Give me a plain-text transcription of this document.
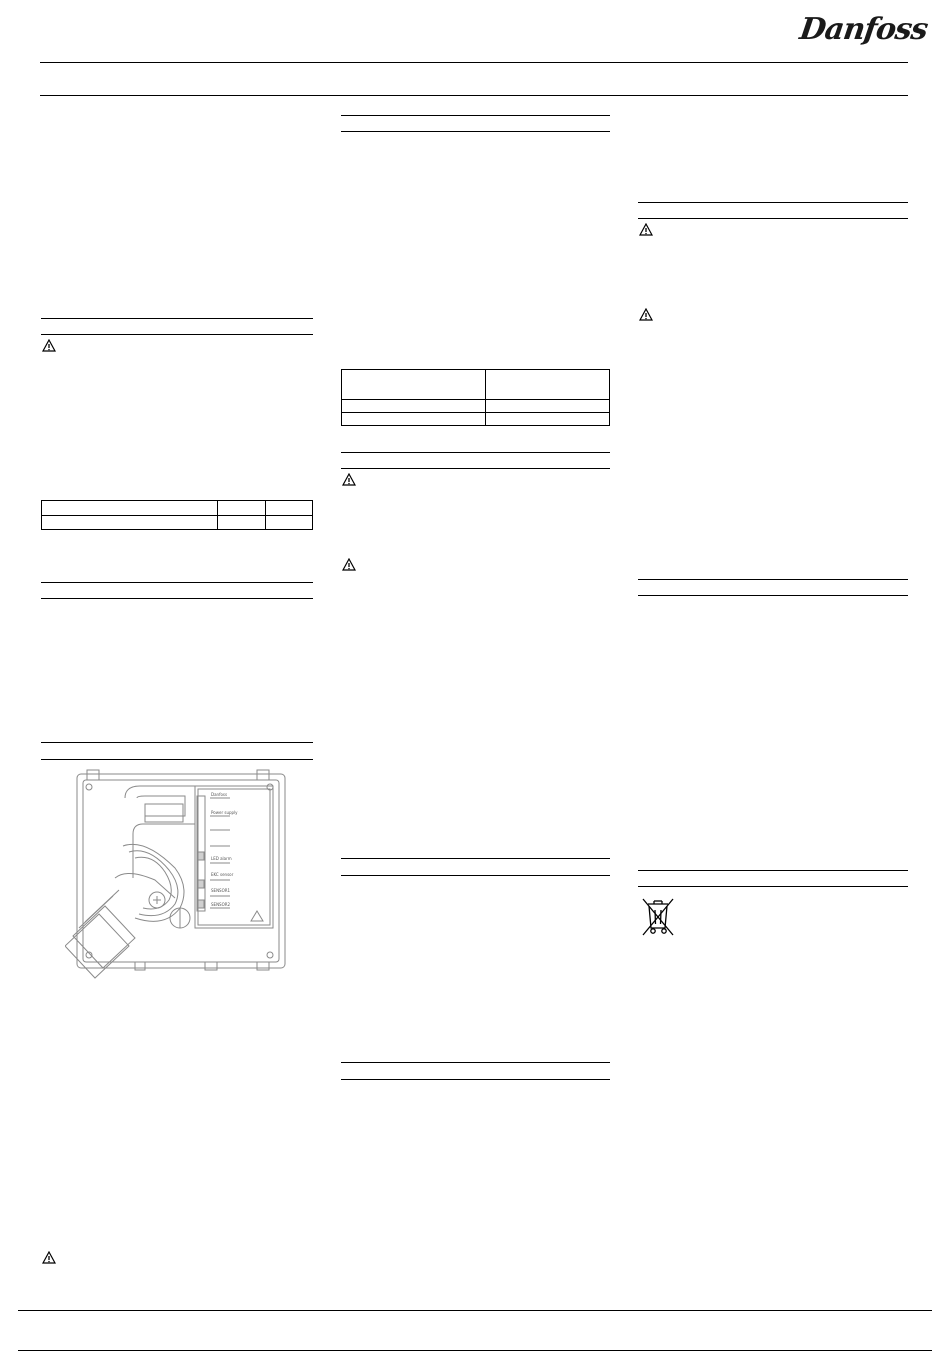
Danfoss

Danfoss
Power supply
LED alarm
EKC sensor
SENSOR1
SENSOR2
